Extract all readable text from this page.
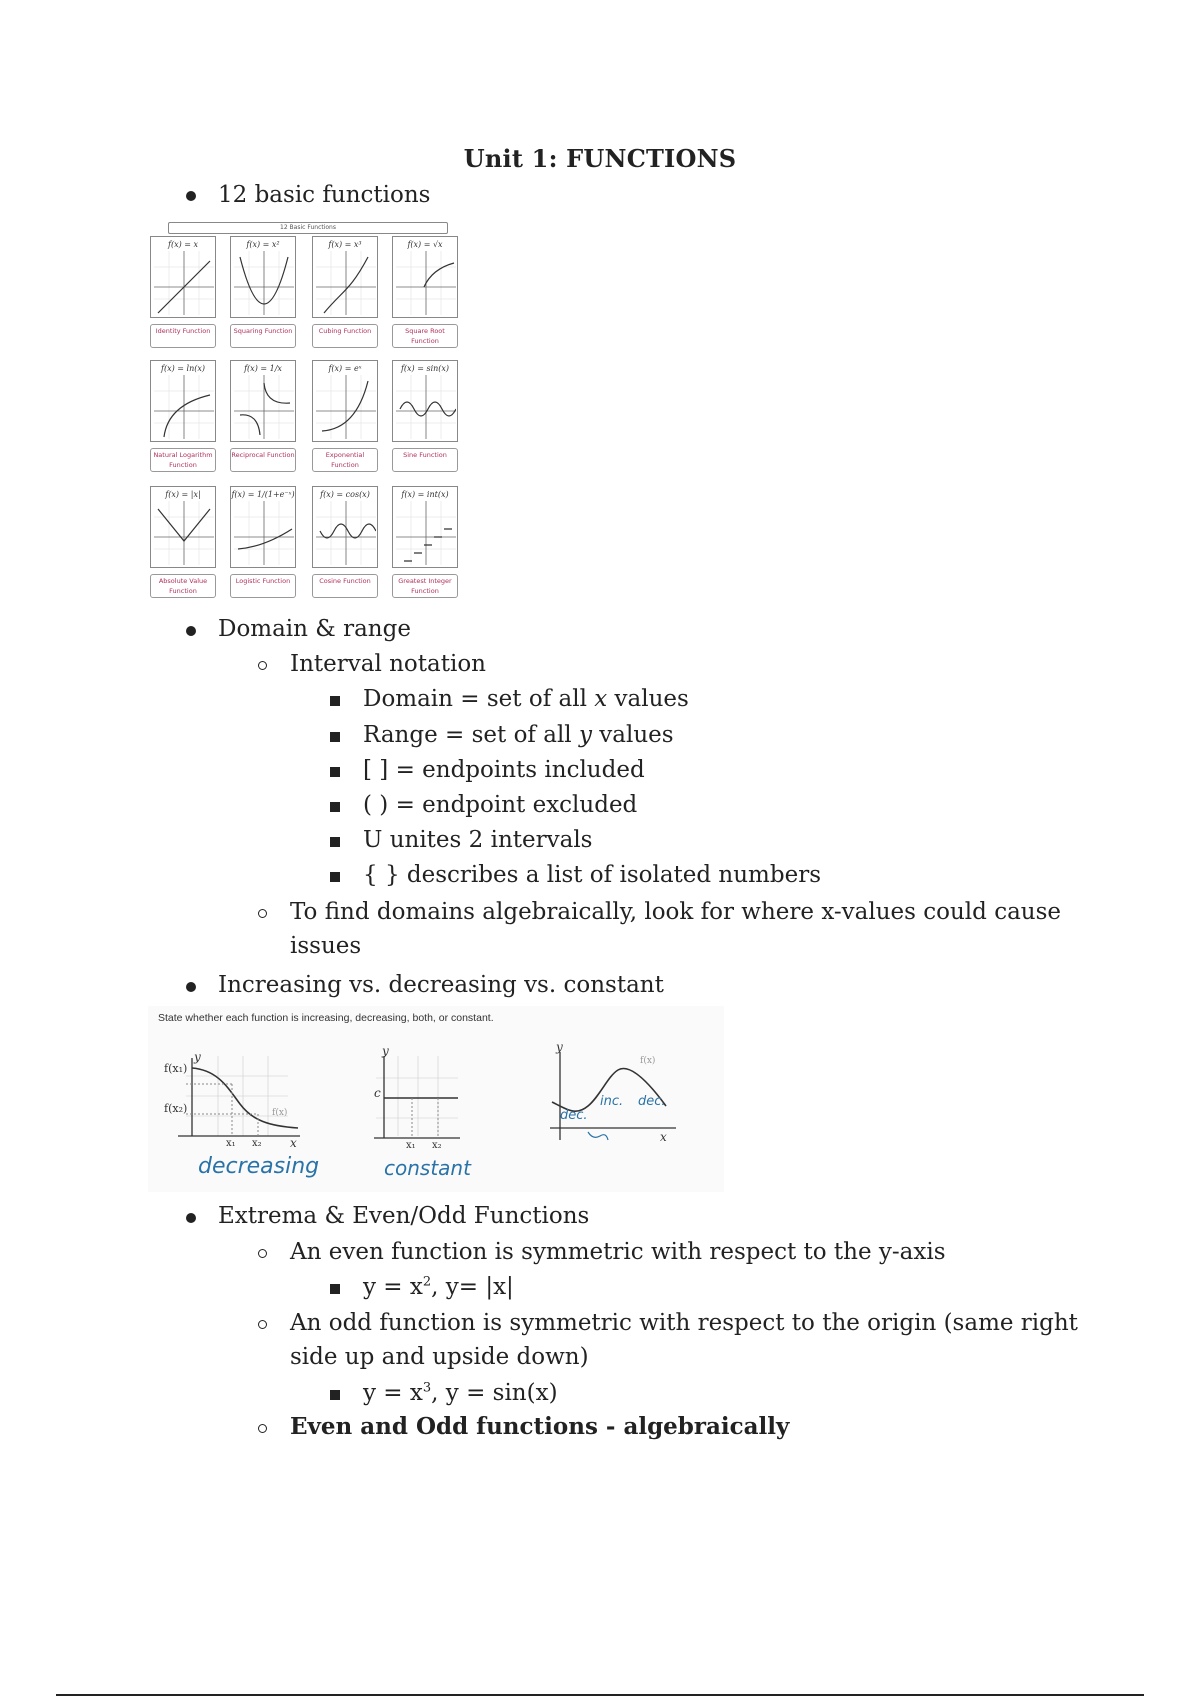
Unit 1: FUNCTIONS
12 basic functions
12 Basic Functions
f(x) = x
Identity Function
f(x) = x²
Squaring Function
f(x) = x³
Cubing Function
f(x) = √x
Square Root Function
f(x) = ln(x)
Natural Logarithm Function
f(x) = 1/x
Reciprocal Function
f(x) = eˣ
Exponential Function
f(x) = sin(x)
Sine Function
f(x) = |x|
Absolute Value Function
f(x) = 1/(1+e⁻ˣ)
Logistic Function
f(x) = cos(x)
Cosine Function
f(x) = int(x)
Greatest Integer Function
Domain & range
Interval notation
Domain = set of all x values
Range = set of all y values
[ ] = endpoints included
( ) = endpoint excluded
U unites 2 intervals
{ } describes a list of isolated numbers
To find domains algebraically, look for where x-values could cause
issues
Increasing vs. decreasing vs. constant
State whether each function is increasing, decreasing, both, or constant.
f(x₁)
f(x₂)
y
x₁ x₂ x
f(x)
decreasing
c
y
x₁ x₂
constant
y
x
f(x)
dec.
inc. dec.
Extrema & Even/Odd Functions
An even function is symmetric with respect to the y-axis
$y = x^2$, y= |x|
An odd function is symmetric with respect to the origin (same right
side up and upside down)
$y = x^3$, y = sin(x)
Even and Odd functions - algebraically
